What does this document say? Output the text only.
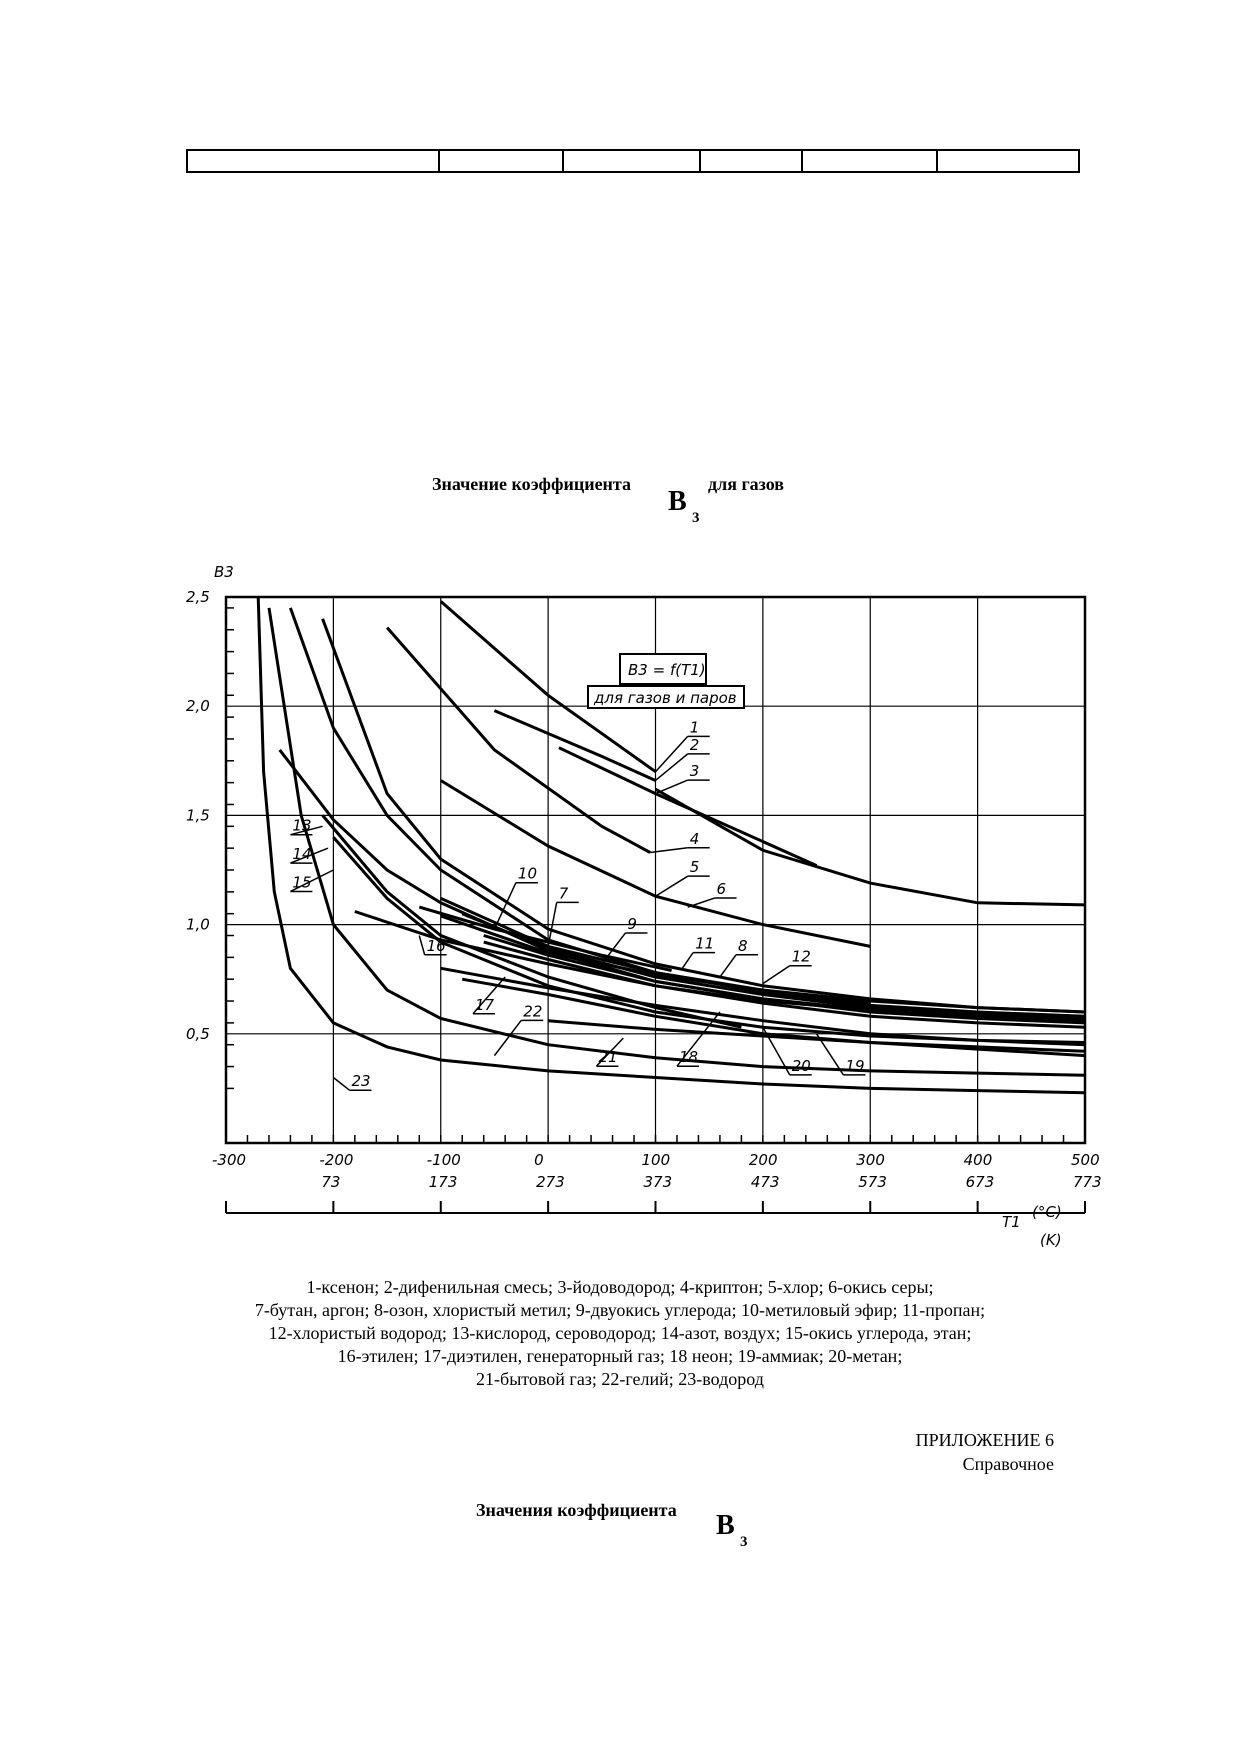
Значение коэффициента
B
3
для газов
2,5
2,0
1,5
1,0
0,5
-300	-200	-100	0	100	200	300	400	500
73	173	273	373	473	573	673	773
1
2
3
4
5
6
7
8
9
10
11
12
13
14
15
16
17
18	19
20
21
22
23
B3 = f(T1)
для газов и паров
B3
T1
(°C)
(K)
1-ксенон; 2-дифенильная смесь; 3-йодоводород; 4-криптон; 5-хлор; 6-окись серы;
7-бутан, аргон; 8-озон, хлористый метил; 9-двуокись углерода; 10-метиловый эфир; 11-пропан;
12-хлористый водород; 13-кислород, сероводород; 14-азот, воздух; 15-окись углерода, этан;
16-этилен; 17-диэтилен, генераторный газ; 18 неон; 19-аммиак; 20-метан;
21-бытовой газ; 22-гелий; 23-водород
ПРИЛОЖЕНИЕ 6
Справочное
Значения коэффициента B
3
